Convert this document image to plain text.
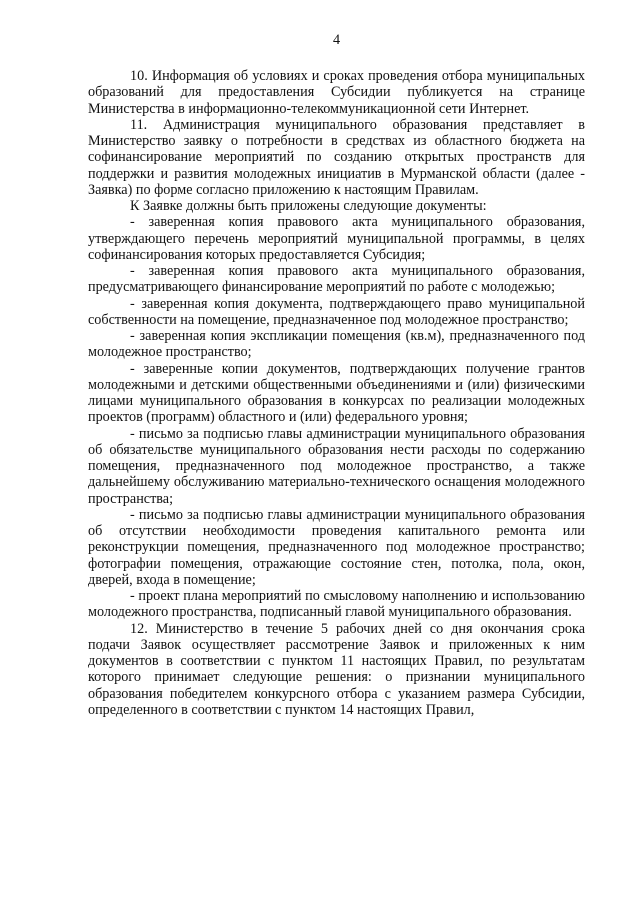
4

10. Информация об условиях и сроках проведения отбора муниципальных образований для предоставления Субсидии публикуется на странице Министерства в информационно-телекоммуникационной сети Интернет.

11. Администрация муниципального образования представляет в Министерство заявку о потребности в средствах из областного бюджета на софинансирование мероприятий по созданию открытых пространств для поддержки и развития молодежных инициатив в Мурманской области (далее - Заявка) по форме согласно приложению к настоящим Правилам.

К Заявке должны быть приложены следующие документы:

- заверенная копия правового акта муниципального образования, утверждающего перечень мероприятий муниципальной программы, в целях софинансирования которых предоставляется Субсидия;

- заверенная копия правового акта муниципального образования, предусматривающего финансирование мероприятий по работе с молодежью;

- заверенная копия документа, подтверждающего право муниципальной собственности на помещение, предназначенное под молодежное пространство;

- заверенная копия экспликации помещения (кв.м), предназначенного под молодежное пространство;

- заверенные копии документов, подтверждающих получение грантов молодежными и детскими общественными объединениями и (или) физическими лицами муниципального образования в конкурсах по реализации молодежных проектов (программ) областного и (или) федерального уровня;

- письмо за подписью главы администрации муниципального образования об обязательстве муниципального образования нести расходы по содержанию помещения, предназначенного под молодежное пространство, а также дальнейшему обслуживанию материально-технического оснащения молодежного пространства;

- письмо за подписью главы администрации муниципального образования об отсутствии необходимости проведения капитального ремонта или реконструкции помещения, предназначенного под молодежное пространство; фотографии помещения, отражающие состояние стен, потолка, пола, окон, дверей, входа в помещение;

- проект плана мероприятий по смысловому наполнению и использованию молодежного пространства, подписанный главой муниципального образования.

12. Министерство в течение 5 рабочих дней со дня окончания срока подачи Заявок осуществляет рассмотрение Заявок и приложенных к ним документов в соответствии с пунктом 11 настоящих Правил, по результатам которого принимает следующие решения: о признании муниципального образования победителем конкурсного отбора с указанием размера Субсидии, определенного в соответствии с пунктом 14 настоящих Правил,
